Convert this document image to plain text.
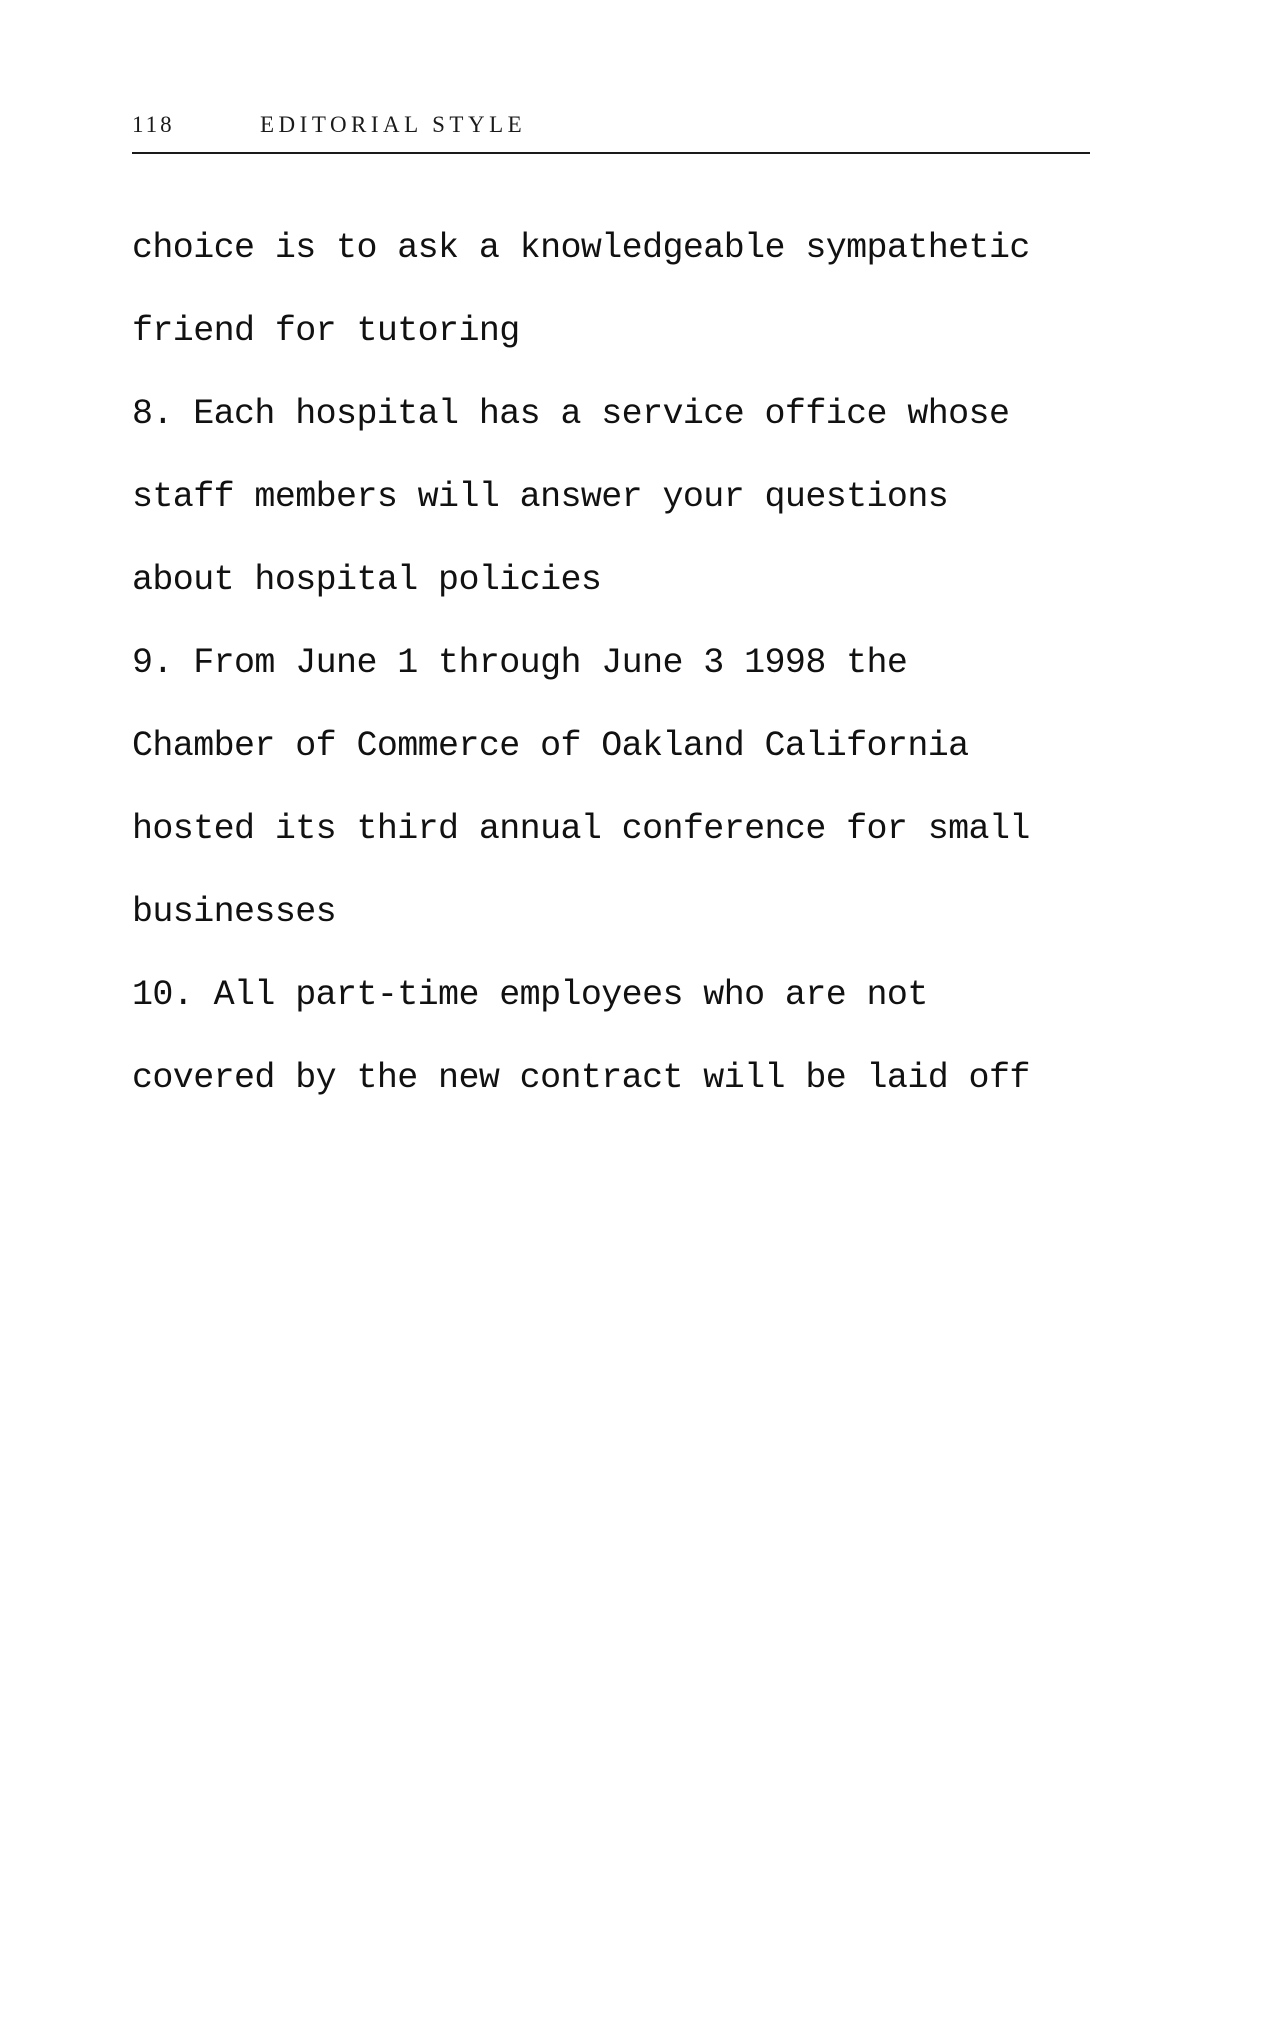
118	EDITORIAL STYLE
choice is to ask a knowledgeable sympathetic
friend for tutoring
8. Each hospital has a service office whose
staff members will answer your questions
about hospital policies
9. From June 1 through June 3 1998 the
Chamber of Commerce of Oakland California
hosted its third annual conference for small
businesses
10. All part-time employees who are not
covered by the new contract will be laid off
